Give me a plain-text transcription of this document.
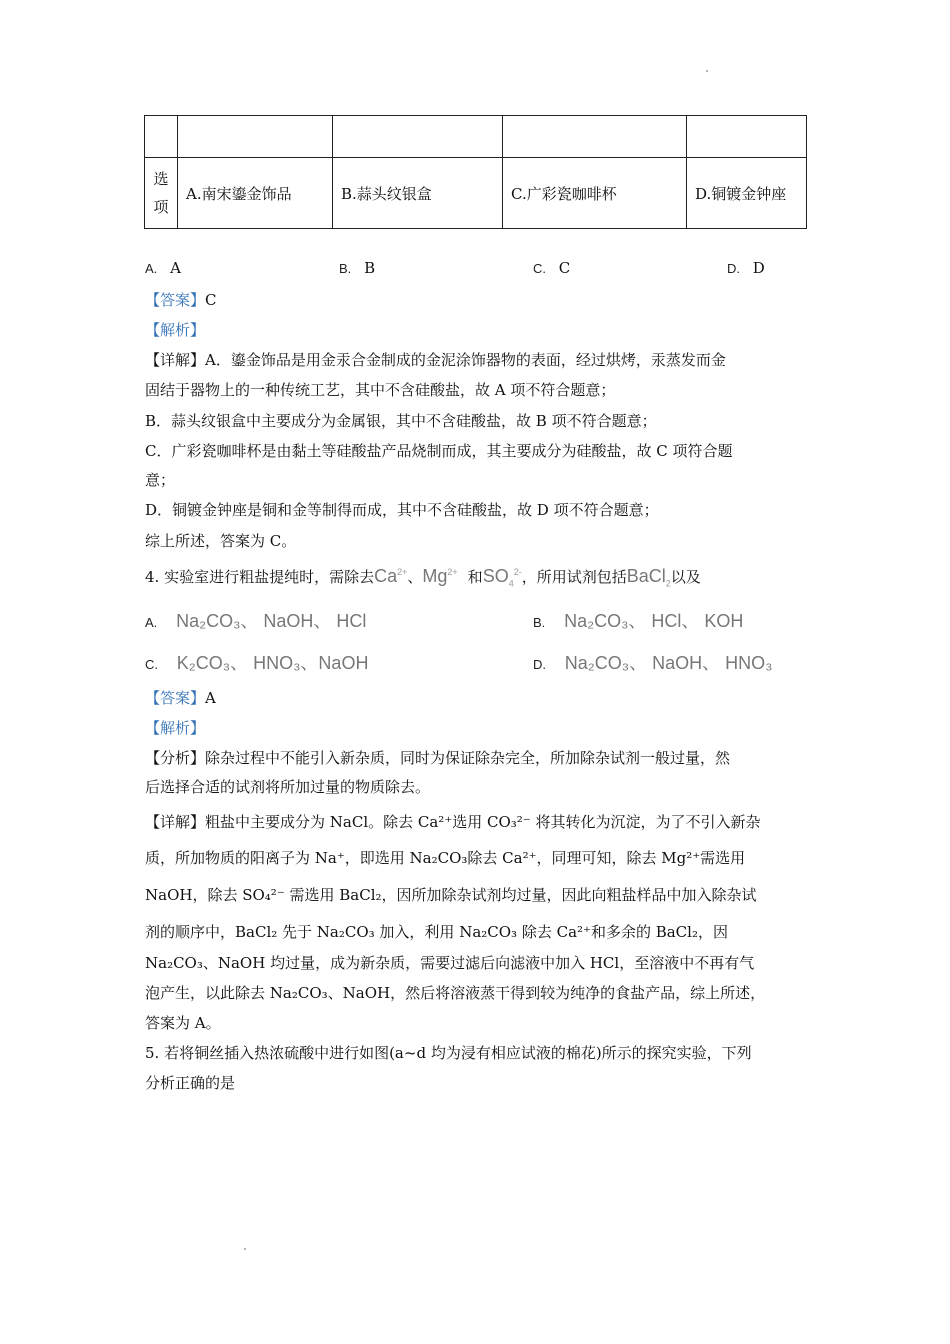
选项	A.南宋鎏金饰品	B.蒜头纹银盒	C.广彩瓷咖啡杯	D.铜镀金钟座
A. A	B. B	C. C	D. D
【答案】C
【解析】
【详解】A．鎏金饰品是用金汞合金制成的金泥涂饰器物的表面，经过烘烤，汞蒸发而金
固结于器物上的一种传统工艺，其中不含硅酸盐，故 A 项不符合题意；
B．蒜头纹银盒中主要成分为金属银，其中不含硅酸盐，故 B 项不符合题意；
C．广彩瓷咖啡杯是由黏土等硅酸盐产品烧制而成，其主要成分为硅酸盐，故 C 项符合题
意；
D．铜镀金钟座是铜和金等制得而成，其中不含硅酸盐，故 D 项不符合题意；
综上所述，答案为 C。
4. 实验室进行粗盐提纯时，需除去$Ca^{2+}$、$Mg^{2+}$ 和$SO_4^{2-}$，所用试剂包括BaCl$_2$以及
A. Na₂CO₃、 NaOH、 HCl	B. Na₂CO₃、 HCl、 KOH
C. K₂CO₃、 HNO₃、NaOH	D. Na₂CO₃、 NaOH、 HNO₃
【答案】A
【解析】
【分析】除杂过程中不能引入新杂质，同时为保证除杂完全，所加除杂试剂一般过量，然
后选择合适的试剂将所加过量的物质除去。
【详解】粗盐中主要成分为 NaCl。除去 Ca²⁺选用 CO₃²⁻ 将其转化为沉淀，为了不引入新杂
质，所加物质的阳离子为 Na⁺，即选用 Na₂CO₃除去 Ca²⁺，同理可知，除去 Mg²⁺需选用
NaOH，除去 SO₄²⁻ 需选用 BaCl₂，因所加除杂试剂均过量，因此向粗盐样品中加入除杂试
剂的顺序中，BaCl₂ 先于 Na₂CO₃ 加入，利用 Na₂CO₃ 除去 Ca²⁺和多余的 BaCl₂，因
Na₂CO₃、NaOH 均过量，成为新杂质，需要过滤后向滤液中加入 HCl，至溶液中不再有气
泡产生，以此除去 Na₂CO₃、NaOH，然后将溶液蒸干得到较为纯净的食盐产品，综上所述，
答案为 A。
5. 若将铜丝插入热浓硫酸中进行如图(a~d 均为浸有相应试液的棉花)所示的探究实验，下列
分析正确的是
